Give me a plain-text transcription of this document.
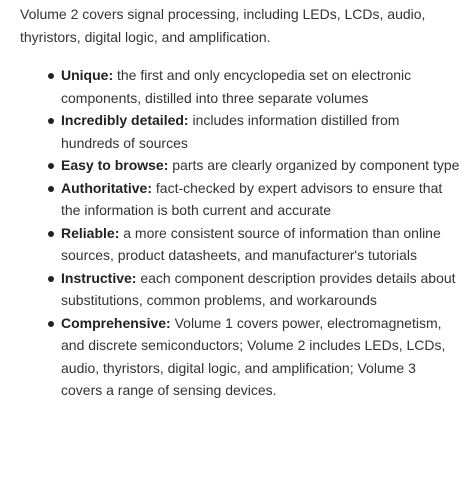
Volume 2 covers signal processing, including LEDs, LCDs, audio, thyristors, digital logic, and amplification.

Unique: the first and only encyclopedia set on electronic components, distilled into three separate volumes
Incredibly detailed: includes information distilled from hundreds of sources
Easy to browse: parts are clearly organized by component type
Authoritative: fact-checked by expert advisors to ensure that the information is both current and accurate
Reliable: a more consistent source of information than online sources, product datasheets, and manufacturer's tutorials
Instructive: each component description provides details about substitutions, common problems, and workarounds
Comprehensive: Volume 1 covers power, electromagnetism, and discrete semiconductors; Volume 2 includes LEDs, LCDs, audio, thyristors, digital logic, and amplification; Volume 3 covers a range of sensing devices.
